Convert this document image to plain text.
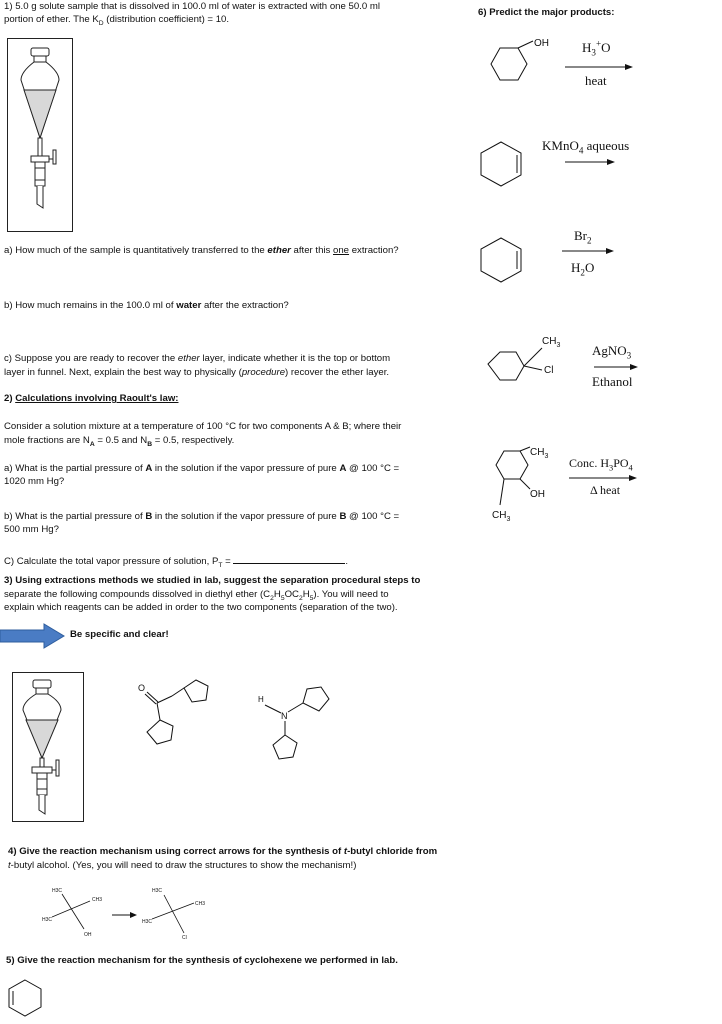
1) 5.0 g solute sample that is dissolved in 100.0 ml of water is extracted with one 50.0 ml
portion of ether. The $K_D$ (distribution coefficient) = 10.
a) How much of the sample is quantitatively transferred to the ether after this one extraction?
b) How much remains in the 100.0 ml of water after the extraction?
c) Suppose you are ready to recover the ether layer, indicate whether it is the top or bottom
layer in funnel. Next, explain the best way to physically (procedure) recover the ether layer.
2) Calculations involving Raoult's law:
Consider a solution mixture at a temperature of 100 °C for two components A & B; where their
mole fractions are $N_A = 0.5$ and $N_B = 0.5$, respectively.
a) What is the partial pressure of A in the solution if the vapor pressure of pure A @ 100 °C =
1020 mm Hg?
b) What is the partial pressure of B in the solution if the vapor pressure of pure B @ 100 °C =
500 mm Hg?
C) Calculate the total vapor pressure of solution, $P_T$ =	.
3) Using extractions methods we studied in lab, suggest the separation procedural steps to
separate the following compounds dissolved in diethyl ether $(C_2H_5OC_2H_5)$. You will need to
explain which reagents can be added in order to the two components (separation of the two).
Be specific and clear!
O
H
N
4) Give the reaction mechanism using correct arrows for the synthesis of t-butyl chloride from
t-butyl alcohol. (Yes, you will need to draw the structures to show the mechanism!)
H3C
CH3
H3C
OH
H3C
CH3
H3C
Cl
5) Give the reaction mechanism for the synthesis of cyclohexene we performed in lab.
6) Predict the major products:
OH	$H_3^+O$
heat
KMnO$_4$ aqueous
$Br_2$
$H_2O$
$CH_3$
Cl
AgNO$_3$
Ethanol
$CH_3$
OH
$CH_3$
Conc. $H_3PO_4$
Δ heat
